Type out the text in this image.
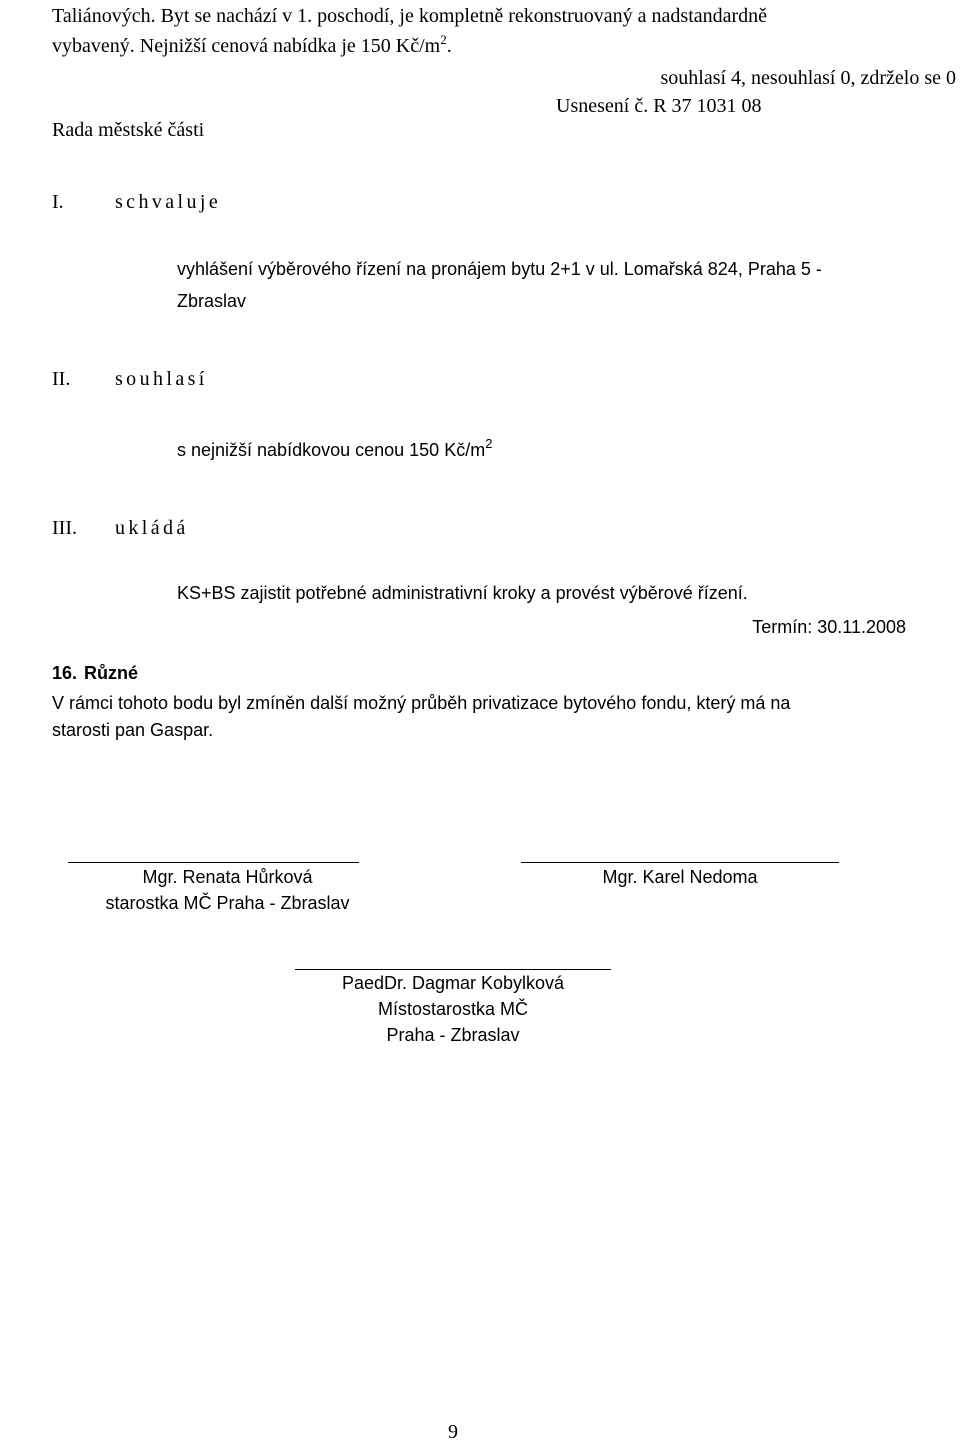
Taliánových. Byt se nachází v 1. poschodí, je kompletně rekonstruovaný a nadstandardně
vybavený. Nejnižší cenová nabídka je 150 $Kč/m^2$.
souhlasí 4, nesouhlasí 0, zdrželo se 0
Usnesení č. R 37 1031 08
Rada městské části
I.	schvaluje
vyhlášení výběrového řízení na pronájem bytu 2+1 v ul. Lomařská 824, Praha 5 -
Zbraslav
II. souhlasí
s nejnižší nabídkovou cenou 150 $Kč/m^2$
III. ukládá
KS+BS zajistit potřebné administrativní kroky a provést výběrové řízení.
Termín: 30.11.2008
16. Různé
V rámci tohoto bodu byl zmíněn další možný průběh privatizace bytového fondu, který má na
starosti pan Gaspar.
Mgr. Renata Hůrková
starostka MČ Praha - Zbraslav
Mgr. Karel Nedoma
PaedDr. Dagmar Kobylková
Místostarostka MČ
Praha - Zbraslav
9
